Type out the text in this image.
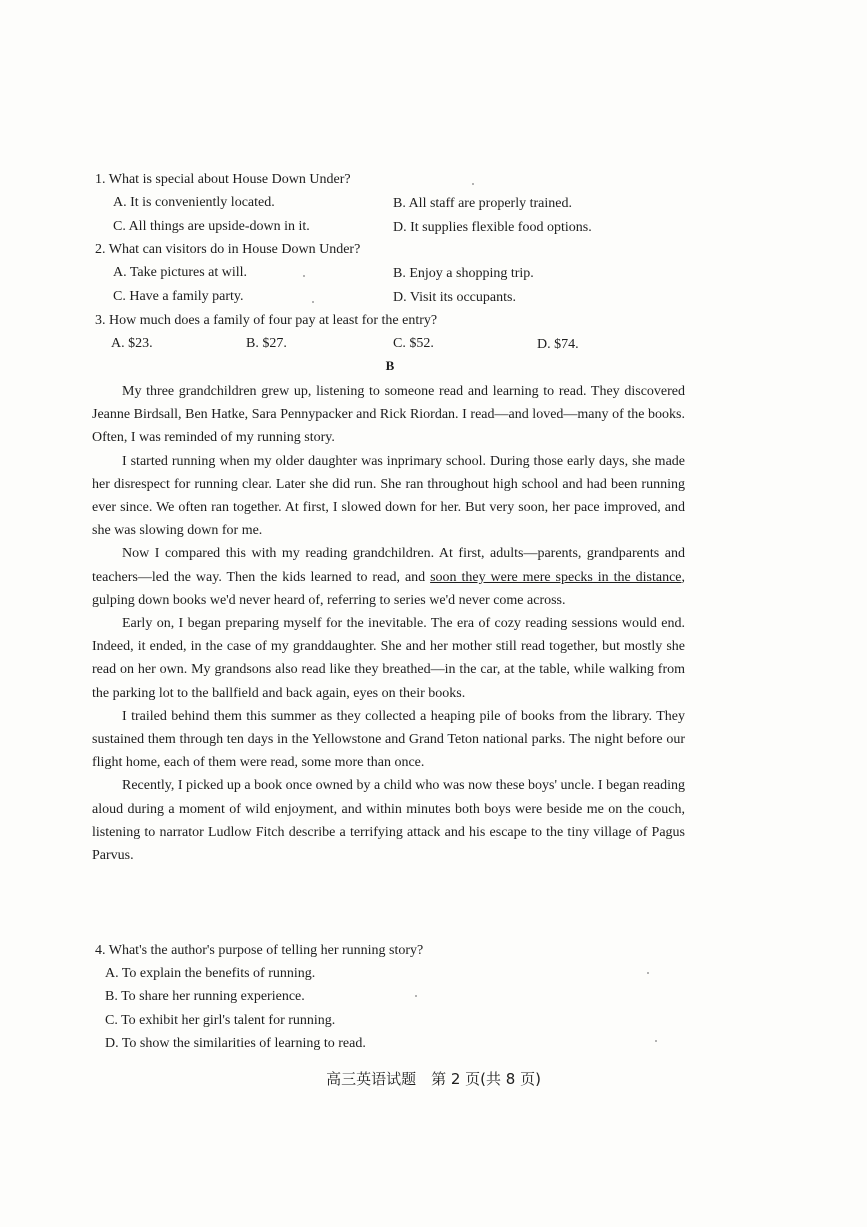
1. What is special about House Down Under?
A. It is conveniently located.	B. All staff are properly trained.
C. All things are upside-down in it.	D. It supplies flexible food options.
2. What can visitors do in House Down Under?
A. Take pictures at will.	B. Enjoy a shopping trip.
C. Have a family party.	D. Visit its occupants.
3. How much does a family of four pay at least for the entry?
A. $23.	B. $27.	C. $52.	D. $74.
B

My three grandchildren grew up, listening to someone read and learning to read. They discovered Jeanne Birdsall, Ben Hatke, Sara Pennypacker and Rick Riordan. I read—and loved—many of the books. Often, I was reminded of my running story.

I started running when my older daughter was inprimary school. During those early days, she made her disrespect for running clear. Later she did run. She ran throughout high school and had been running ever since. We often ran together. At first, I slowed down for her. But very soon, her pace improved, and she was slowing down for me.

Now I compared this with my reading grandchildren. At first, adults—parents, grandparents and teachers—led the way. Then the kids learned to read, and soon they were mere specks in the distance, gulping down books we'd never heard of, referring to series we'd never come across.

Early on, I began preparing myself for the inevitable. The era of cozy reading sessions would end. Indeed, it ended, in the case of my granddaughter. She and her mother still read together, but mostly she read on her own. My grandsons also read like they breathed—in the car, at the table, while walking from the parking lot to the ballfield and back again, eyes on their books.

I trailed behind them this summer as they collected a heaping pile of books from the library. They sustained them through ten days in the Yellowstone and Grand Teton national parks. The night before our flight home, each of them were read, some more than once.

Recently, I picked up a book once owned by a child who was now these boys' uncle. I began reading aloud during a moment of wild enjoyment, and within minutes both boys were beside me on the couch, listening to narrator Ludlow Fitch describe a terrifying attack and his escape to the tiny village of Pagus Parvus.

4. What's the author's purpose of telling her running story?
A. To explain the benefits of running.
B. To share her running experience.
C. To exhibit her girl's talent for running.
D. To show the similarities of learning to read.
高三英语试题　第 2 页(共 8 页)
